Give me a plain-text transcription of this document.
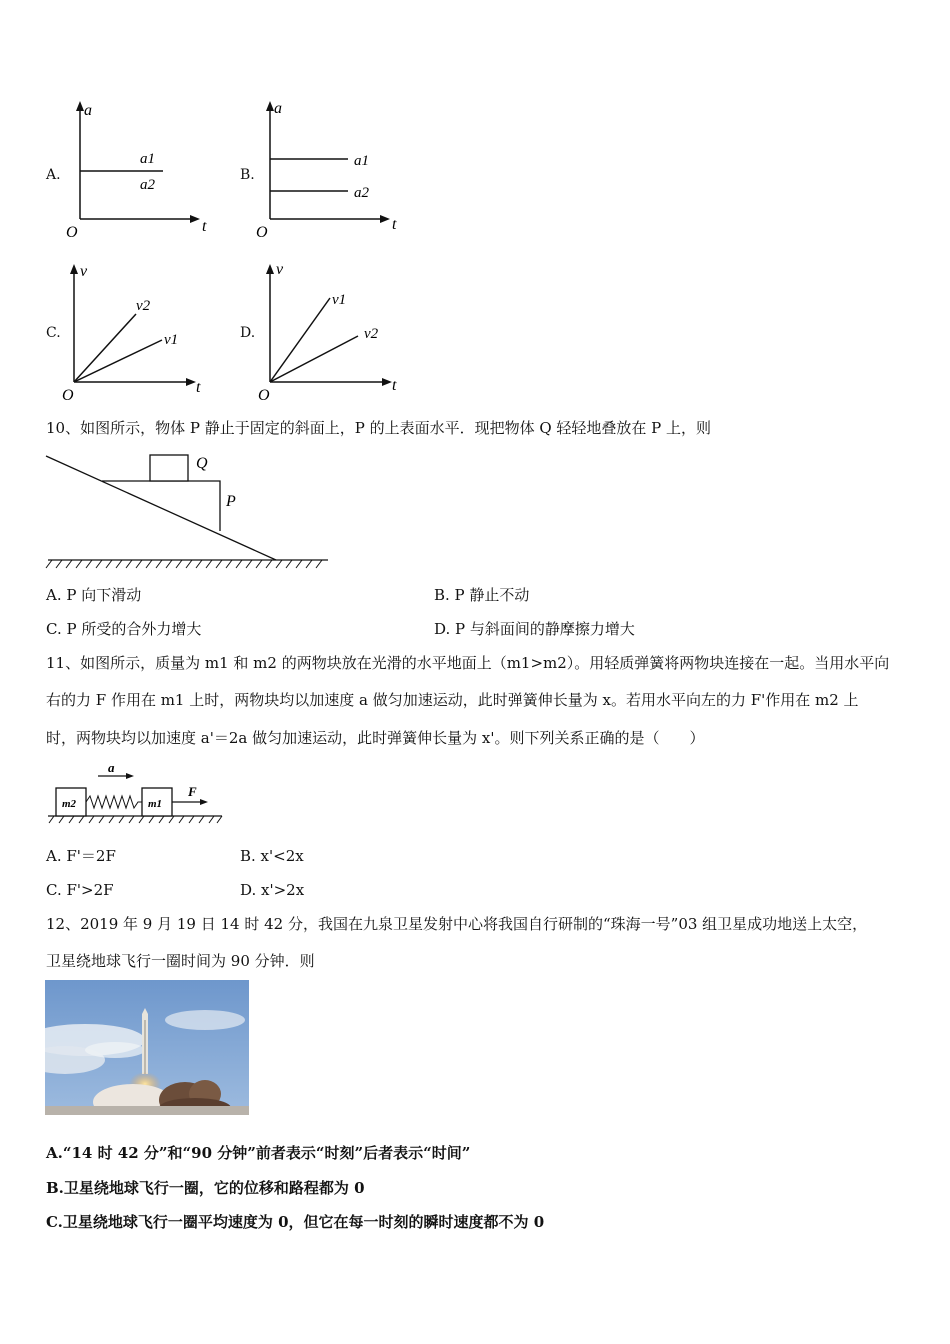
A.
a
t
O
a1
a2
B.
a
t
O
a1
a2
C.
v
t
O
v2
v1	D.
v
t
O
v1
v2
10、如图所示，物体 P 静止于固定的斜面上，P 的上表面水平．现把物体 Q 轻轻地叠放在 P 上，则
Q
P
A. P 向下滑动	B. P 静止不动
C. P 所受的合外力增大	D. P 与斜面间的静摩擦力增大
11、如图所示，质量为 m1 和 m2 的两物块放在光滑的水平地面上（m1>m2）。用轻质弹簧将两物块连接在一起。当用水平向
右的力 F 作用在 m1 上时，两物块均以加速度 a 做匀加速运动，此时弹簧伸长量为 x。若用水平向左的力 F'作用在 m2 上
时，两物块均以加速度 a'＝2a 做匀加速运动，此时弹簧伸长量为 x'。则下列关系正确的是（　　）
a
m2	m1
F
A. F'＝2F	B. x'<2x
C. F'>2F	D. x'>2x
12、2019 年 9 月 19 日 14 时 42 分，我国在九泉卫星发射中心将我国自行研制的“珠海一号”03 组卫星成功地送上太空，
卫星绕地球飞行一圈时间为 90 分钟．则
A.“14 时 42 分”和“90 分钟”前者表示“时刻”后者表示“时间”
B.卫星绕地球飞行一圈，它的位移和路程都为 0
C.卫星绕地球飞行一圈平均速度为 0，但它在每一时刻的瞬时速度都不为 0
